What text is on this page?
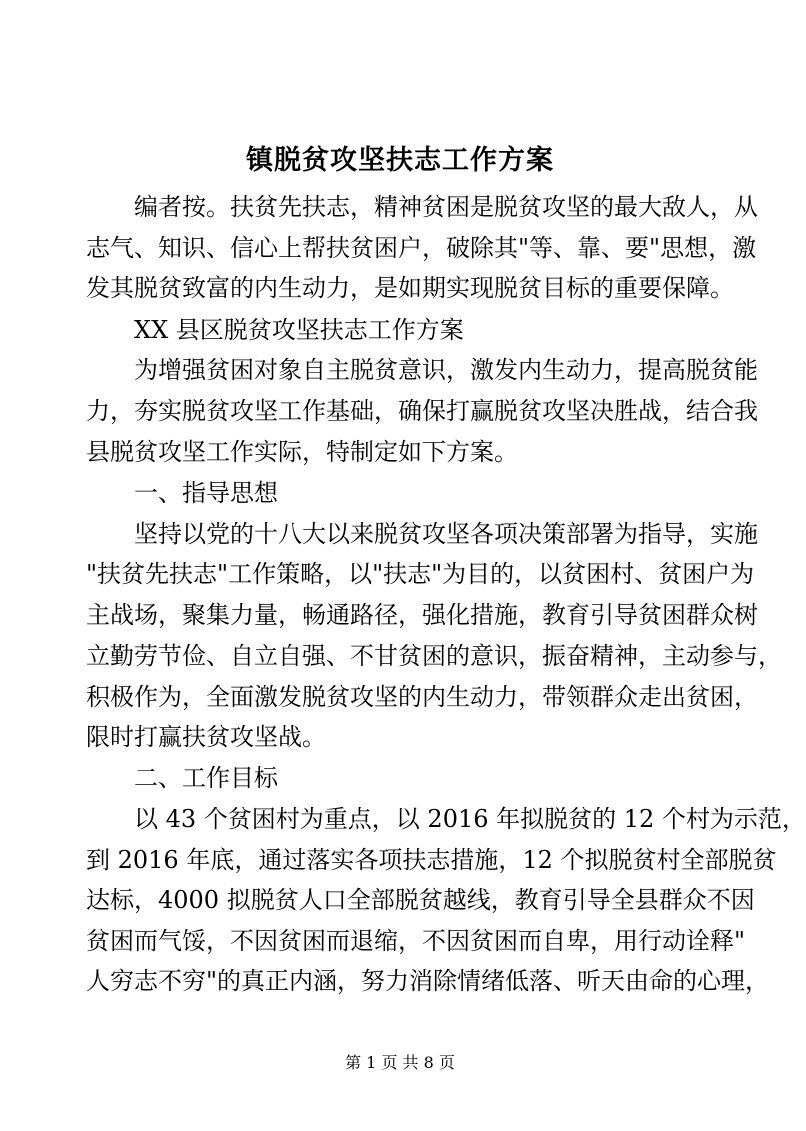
镇脱贫攻坚扶志工作方案
编者按。扶贫先扶志，精神贫困是脱贫攻坚的最大敌人，从
志气、知识、信心上帮扶贫困户，破除其"等、靠、要"思想，激
发其脱贫致富的内生动力，是如期实现脱贫目标的重要保障。
XX 县区脱贫攻坚扶志工作方案
为增强贫困对象自主脱贫意识，激发内生动力，提高脱贫能
力，夯实脱贫攻坚工作基础，确保打赢脱贫攻坚决胜战，结合我
县脱贫攻坚工作实际，特制定如下方案。
一、指导思想
坚持以党的十八大以来脱贫攻坚各项决策部署为指导，实施
"扶贫先扶志"工作策略，以"扶志"为目的，以贫困村、贫困户为
主战场，聚集力量，畅通路径，强化措施，教育引导贫困群众树
立勤劳节俭、自立自强、不甘贫困的意识，振奋精神，主动参与，
积极作为，全面激发脱贫攻坚的内生动力，带领群众走出贫困，
限时打赢扶贫攻坚战。
二、工作目标
以 43 个贫困村为重点，以 2016 年拟脱贫的 12 个村为示范，
到 2016 年底，通过落实各项扶志措施，12 个拟脱贫村全部脱贫
达标，4000 拟脱贫人口全部脱贫越线，教育引导全县群众不因
贫困而气馁，不因贫困而退缩，不因贫困而自卑，用行动诠释"
人穷志不穷"的真正内涵，努力消除情绪低落、听天由命的心理，
第 1 页 共 8 页
